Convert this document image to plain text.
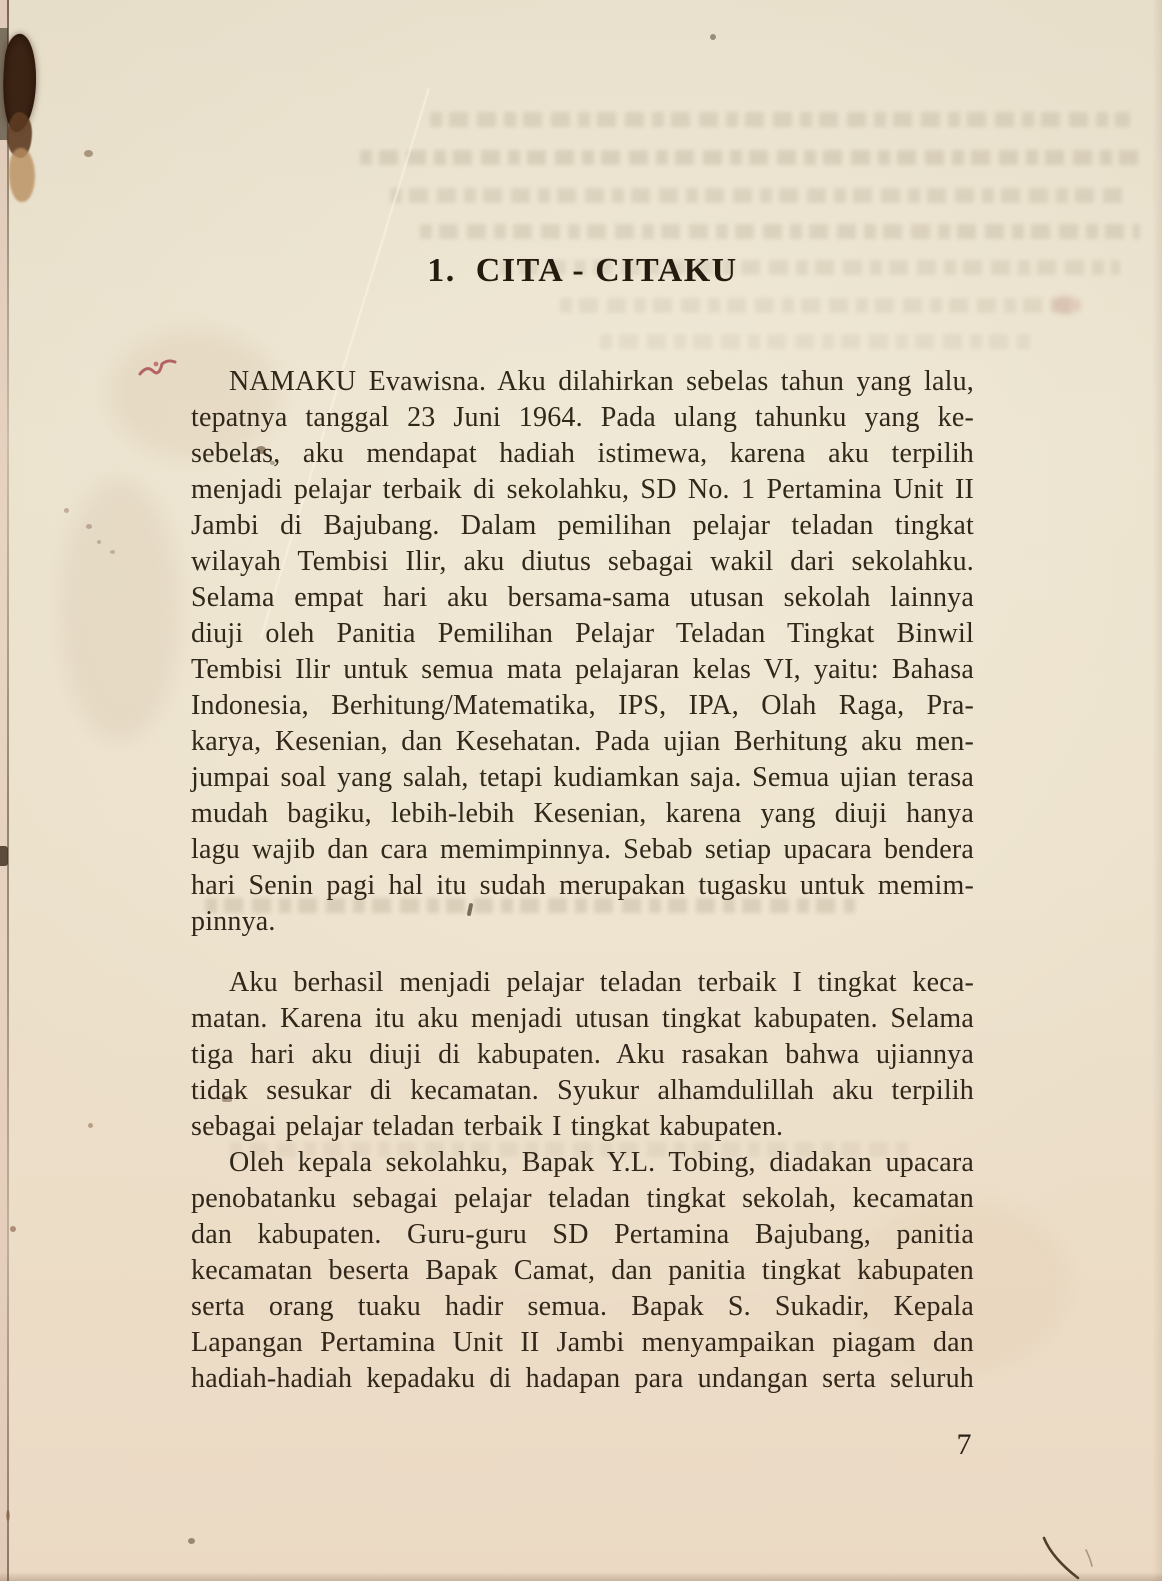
1.  CITA - CITAKU
NAMAKU Evawisna. Aku dilahirkan sebelas tahun yang lalu,
tepatnya tanggal 23 Juni 1964. Pada ulang tahunku yang ke-
sebelas, aku mendapat hadiah istimewa, karena aku terpilih
menjadi pelajar terbaik di sekolahku, SD No. 1 Pertamina Unit II
Jambi di Bajubang. Dalam pemilihan pelajar teladan tingkat
wilayah Tembisi Ilir, aku diutus sebagai wakil dari sekolahku.
Selama empat hari aku bersama-sama utusan sekolah lainnya
diuji oleh Panitia Pemilihan Pelajar Teladan Tingkat Binwil
Tembisi Ilir untuk semua mata pelajaran kelas VI, yaitu: Bahasa
Indonesia, Berhitung/Matematika, IPS, IPA, Olah Raga, Pra-
karya, Kesenian, dan Kesehatan. Pada ujian Berhitung aku men-
jumpai soal yang salah, tetapi kudiamkan saja. Semua ujian terasa
mudah bagiku, lebih-lebih Kesenian, karena yang diuji hanya
lagu wajib dan cara memimpinnya. Sebab setiap upacara bendera
hari Senin pagi hal itu sudah merupakan tugasku untuk memim-
pinnya.
Aku berhasil menjadi pelajar teladan terbaik I tingkat keca-
matan. Karena itu aku menjadi utusan tingkat kabupaten. Selama
tiga hari aku diuji di kabupaten. Aku rasakan bahwa ujiannya
tidak sesukar di kecamatan. Syukur alhamdulillah aku terpilih
sebagai pelajar teladan terbaik I tingkat kabupaten.
Oleh kepala sekolahku, Bapak Y.L. Tobing, diadakan upacara
penobatanku sebagai pelajar teladan tingkat sekolah, kecamatan
dan kabupaten. Guru-guru SD Pertamina Bajubang, panitia
kecamatan beserta Bapak Camat, dan panitia tingkat kabupaten
serta orang tuaku hadir semua. Bapak S. Sukadir, Kepala
Lapangan Pertamina Unit II Jambi menyampaikan piagam dan
hadiah-hadiah kepadaku di hadapan para undangan serta seluruh
7
